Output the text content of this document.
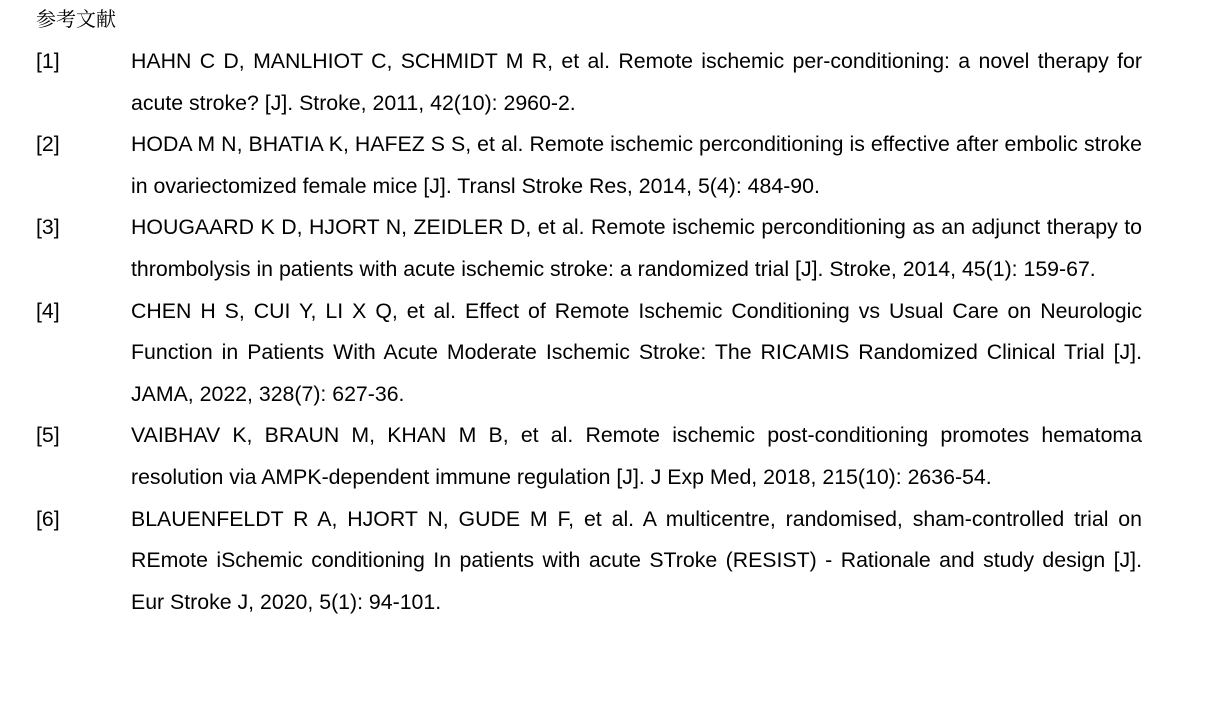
参考文献
[1]	HAHN C D, MANLHIOT C, SCHMIDT M R, et al. Remote ischemic per-conditioning: a novel therapy for acute stroke? [J]. Stroke, 2011, 42(10): 2960-2.
[2]	HODA M N, BHATIA K, HAFEZ S S, et al. Remote ischemic perconditioning is effective after embolic stroke in ovariectomized female mice [J]. Transl Stroke Res, 2014, 5(4): 484-90.
[3]	HOUGAARD K D, HJORT N, ZEIDLER D, et al. Remote ischemic perconditioning as an adjunct therapy to thrombolysis in patients with acute ischemic stroke: a randomized trial [J]. Stroke, 2014, 45(1): 159-67.
[4]	CHEN H S, CUI Y, LI X Q, et al. Effect of Remote Ischemic Conditioning vs Usual Care on Neurologic Function in Patients With Acute Moderate Ischemic Stroke: The RICAMIS Randomized Clinical Trial [J]. JAMA, 2022, 328(7): 627-36.
[5]	VAIBHAV K, BRAUN M, KHAN M B, et al. Remote ischemic post-conditioning promotes hematoma resolution via AMPK-dependent immune regulation [J]. J Exp Med, 2018, 215(10): 2636-54.
[6]	BLAUENFELDT R A, HJORT N, GUDE M F, et al. A multicentre, randomised, sham-controlled trial on REmote iSchemic conditioning In patients with acute STroke (RESIST) - Rationale and study design [J]. Eur Stroke J, 2020, 5(1): 94-101.
